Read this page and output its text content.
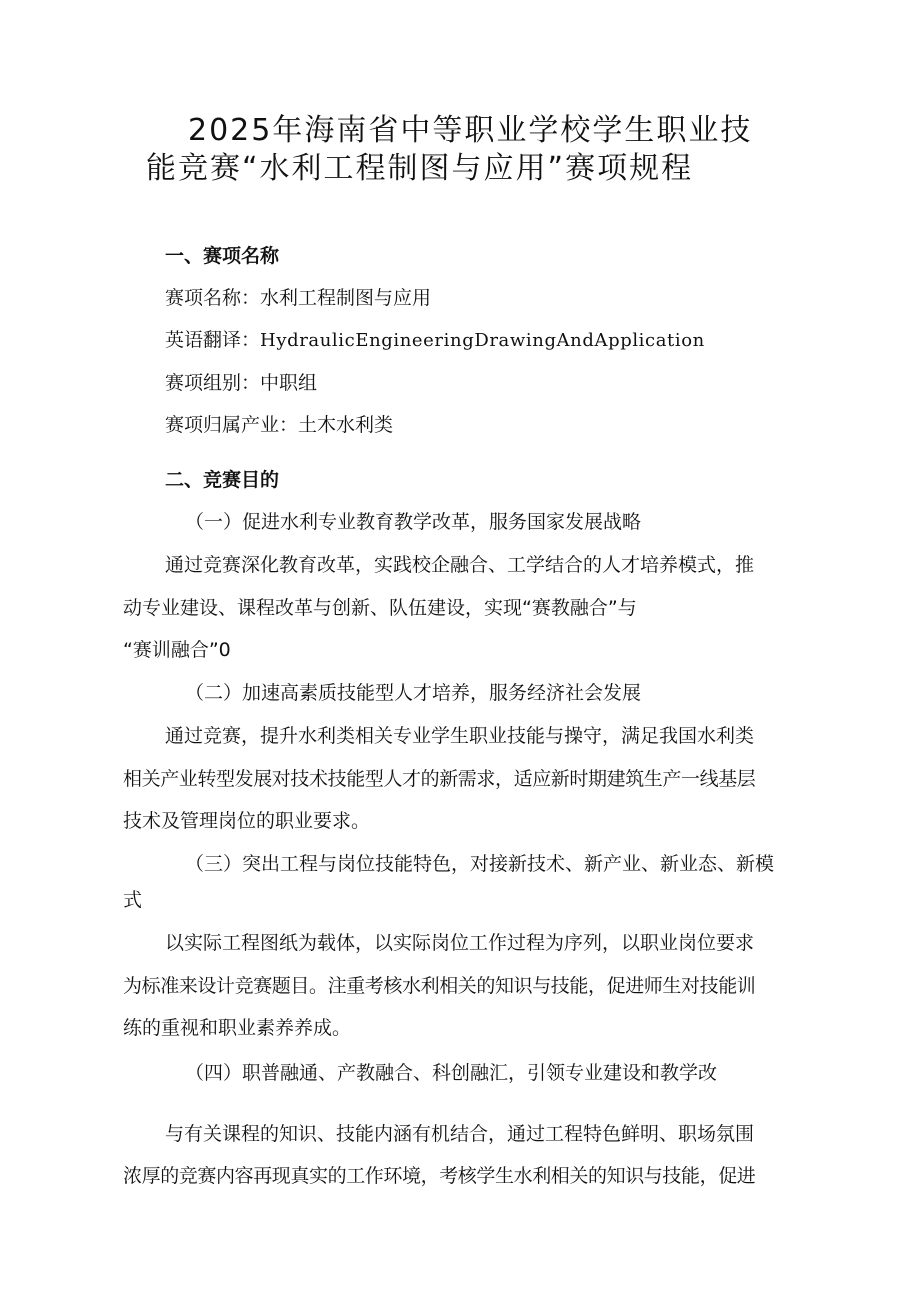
2025年海南省中等职业学校学生职业技
能竞赛“水利工程制图与应用”赛项规程
一、赛项名称
赛项名称：水利工程制图与应用
英语翻译：HydraulicEngineeringDrawingAndApplication
赛项组别：中职组
赛项归属产业：土木水利类
二、竞赛目的
（一）促进水利专业教育教学改革，服务国家发展战略
通过竞赛深化教育改革，实践校企融合、工学结合的人才培养模式，推
动专业建设、课程改革与创新、队伍建设，实现“赛教融合”与
“赛训融合”0
（二）加速高素质技能型人才培养，服务经济社会发展
通过竞赛，提升水利类相关专业学生职业技能与操守，满足我国水利类
相关产业转型发展对技术技能型人才的新需求，适应新时期建筑生产一线基层
技术及管理岗位的职业要求。
（三）突出工程与岗位技能特色，对接新技术、新产业、新业态、新模
式
以实际工程图纸为载体，以实际岗位工作过程为序列，以职业岗位要求
为标准来设计竞赛题目。注重考核水利相关的知识与技能，促进师生对技能训
练的重视和职业素养养成。
（四）职普融通、产教融合、科创融汇，引领专业建设和教学改
与有关课程的知识、技能内涵有机结合，通过工程特色鲜明、职场氛围
浓厚的竞赛内容再现真实的工作环境，考核学生水利相关的知识与技能，促进
